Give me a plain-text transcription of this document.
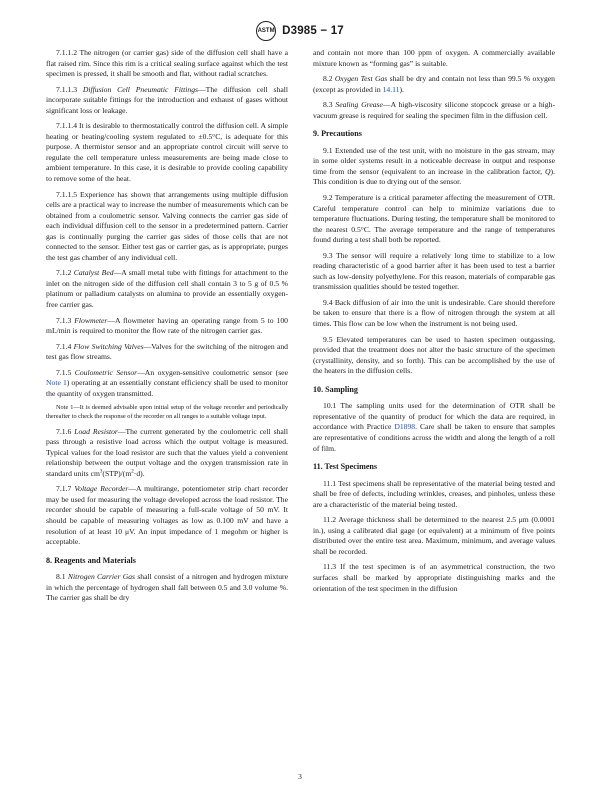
ASTM D3985 − 17

7.1.1.2 The nitrogen (or carrier gas) side of the diffusion cell shall have a flat raised rim. Since this rim is a critical sealing surface against which the test specimen is pressed, it shall be smooth and flat, without radial scratches.

7.1.1.3 Diffusion Cell Pneumatic Fittings—The diffusion cell shall incorporate suitable fittings for the introduction and exhaust of gases without significant loss or leakage.

7.1.1.4 It is desirable to thermostatically control the diffusion cell. A simple heating or heating/cooling system regulated to ±0.5°C, is adequate for this purpose. A thermistor sensor and an appropriate control circuit will serve to regulate the cell temperature unless measurements are being made close to ambient temperature. In this case, it is desirable to provide cooling capability to remove some of the heat.

7.1.1.5 Experience has shown that arrangements using multiple diffusion cells are a practical way to increase the number of measurements which can be obtained from a coulometric sensor. Valving connects the carrier gas side of each individual diffusion cell to the sensor in a predetermined pattern. Carrier gas is continually purging the carrier gas sides of those cells that are not connected to the sensor. Either test gas or carrier gas, as is appropriate, purges the test gas chamber of any individual cell.

7.1.2 Catalyst Bed—A small metal tube with fittings for attachment to the inlet on the nitrogen side of the diffusion cell shall contain 3 to 5 g of 0.5 % platinum or palladium catalysts on alumina to provide an essentially oxygen-free carrier gas.

7.1.3 Flowmeter—A flowmeter having an operating range from 5 to 100 mL/min is required to monitor the flow rate of the nitrogen carrier gas.

7.1.4 Flow Switching Valves—Valves for the switching of the nitrogen and test gas flow streams.

7.1.5 Coulometric Sensor—An oxygen-sensitive coulometric sensor (see Note 1) operating at an essentially constant efficiency shall be used to monitor the quantity of oxygen transmitted.

Note 1—It is deemed advisable upon initial setup of the voltage recorder and periodically thereafter to check the response of the recorder on all ranges to a suitable voltage input.

7.1.6 Load Resistor—The current generated by the coulometric cell shall pass through a resistive load across which the output voltage is measured. Typical values for the load resistor are such that the values yield a convenient relationship between the output voltage and the oxygen transmission rate in standard units $cm^3(STP)/(m^2\cdot d)$.

7.1.7 Voltage Recorder—A multirange, potentiometer strip chart recorder may be used for measuring the voltage developed across the load resistor. The recorder should be capable of measuring a full-scale voltage of 50 mV. It should be capable of measuring voltages as low as 0.100 mV and have a resolution of at least 10 μV. An input impedance of 1 megohm or higher is acceptable.

8. Reagents and Materials

8.1 Nitrogen Carrier Gas shall consist of a nitrogen and hydrogen mixture in which the percentage of hydrogen shall fall between 0.5 and 3.0 volume %. The carrier gas shall be dry

and contain not more than 100 ppm of oxygen. A commercially available mixture known as “forming gas” is suitable.

8.2 Oxygen Test Gas shall be dry and contain not less than 99.5 % oxygen (except as provided in 14.11).

8.3 Sealing Grease—A high-viscosity silicone stopcock grease or a high-vacuum grease is required for sealing the specimen film in the diffusion cell.

9. Precautions

9.1 Extended use of the test unit, with no moisture in the gas stream, may in some older systems result in a noticeable decrease in output and response time from the sensor (equivalent to an increase in the calibration factor, Q). This condition is due to drying out of the sensor.

9.2 Temperature is a critical parameter affecting the measurement of OTR. Careful temperature control can help to minimize variations due to temperature fluctuations. During testing, the temperature shall be monitored to the nearest 0.5°C. The average temperature and the range of temperatures found during a test shall both be reported.

9.3 The sensor will require a relatively long time to stabilize to a low reading characteristic of a good barrier after it has been used to test a barrier such as low-density polyethylene. For this reason, materials of comparable gas transmission qualities should be tested together.

9.4 Back diffusion of air into the unit is undesirable. Care should therefore be taken to ensure that there is a flow of nitrogen through the system at all times. This flow can be low when the instrument is not being used.

9.5 Elevated temperatures can be used to hasten specimen outgassing, provided that the treatment does not alter the basic structure of the specimen (crystallinity, density, and so forth). This can be accomplished by the use of the heaters in the diffusion cells.

10. Sampling

10.1 The sampling units used for the determination of OTR shall be representative of the quantity of product for which the data are required, in accordance with Practice D1898. Care shall be taken to ensure that samples are representative of conditions across the width and along the length of a roll of film.

11. Test Specimens

11.1 Test specimens shall be representative of the material being tested and shall be free of defects, including wrinkles, creases, and pinholes, unless these are a characteristic of the material being tested.

11.2 Average thickness shall be determined to the nearest 2.5 μm (0.0001 in.), using a calibrated dial gage (or equivalent) at a minimum of five points distributed over the entire test area. Maximum, minimum, and average values shall be recorded.

11.3 If the test specimen is of an asymmetrical construction, the two surfaces shall be marked by appropriate distinguishing marks and the orientation of the test specimen in the diffusion

3
